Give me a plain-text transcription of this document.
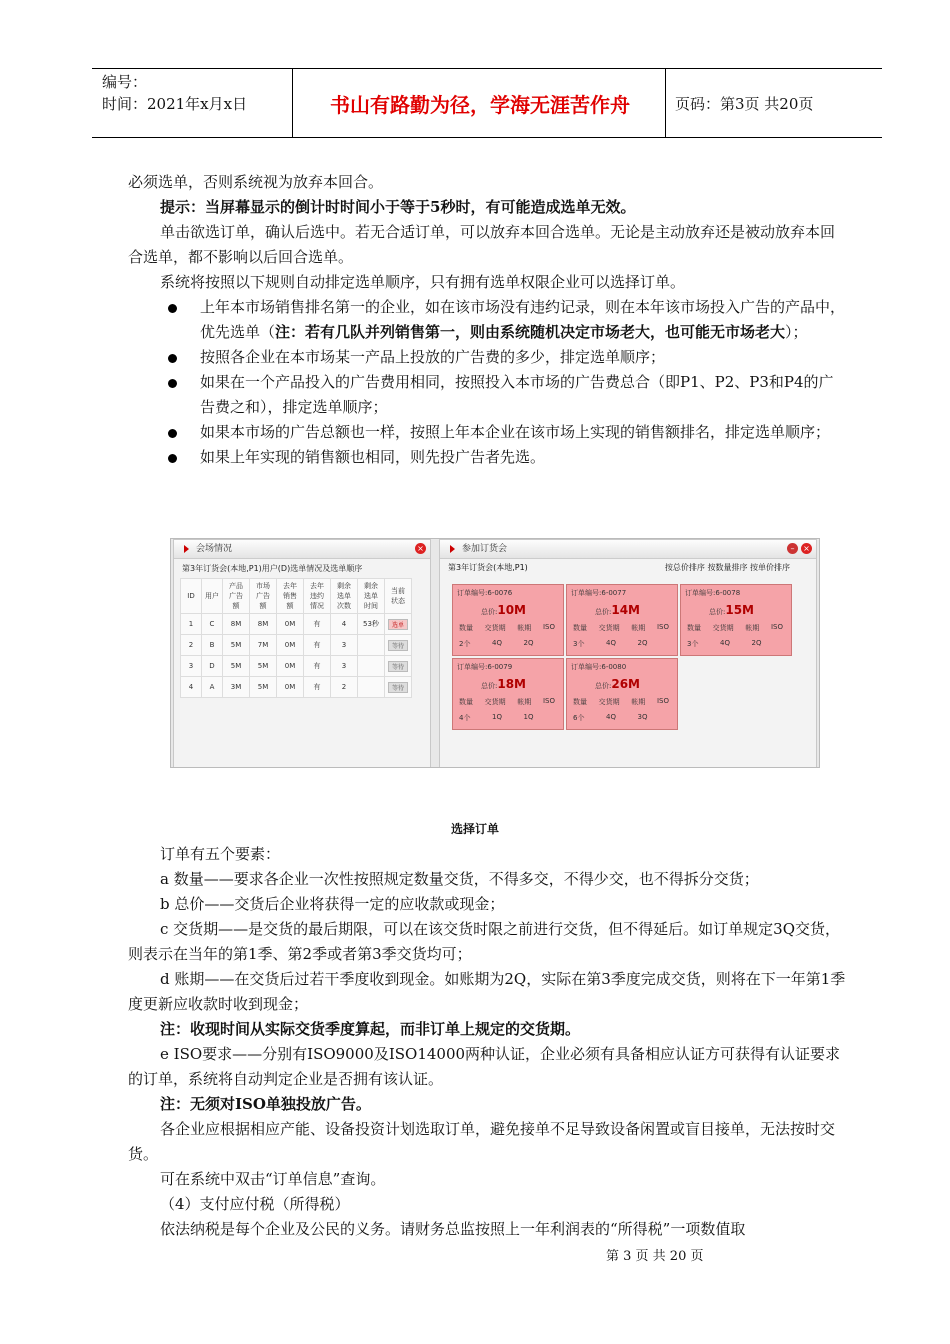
编号：
时间：2021年x月x日	书山有路勤为径，学海无涯苦作舟	页码：第3页 共20页

必须选单，否则系统视为放弃本回合。

提示：当屏幕显示的倒计时时间小于等于5秒时，有可能造成选单无效。

单击欲选订单，确认后选中。若无合适订单，可以放弃本回合选单。无论是主动放弃还是被动放弃本回合选单，都不影响以后回合选单。

系统将按照以下规则自动排定选单顺序，只有拥有选单权限企业可以选择订单。

上年本市场销售排名第一的企业，如在该市场没有违约记录，则在本年该市场投入广告的产品中，优先选单（注：若有几队并列销售第一，则由系统随机决定市场老大，也可能无市场老大）；
按照各企业在本市场某一产品上投放的广告费的多少，排定选单顺序；
如果在一个产品投入的广告费用相同，按照投入本市场的广告费总合（即P1、P2、P3和P4的广告费之和），排定选单顺序；
如果本市场的广告总额也一样，按照上年本企业在该市场上实现的销售额排名，排定选单顺序；
如果上年实现的销售额也相同，则先投广告者先选。
会场情况	×
第3年订货会(本地,P1)用户(D)选单情况及选单顺序
ID	用户	产品广告额	市场广告额	去年销售额	去年违约情况	剩余选单次数	剩余选单时间	当前状态
1	C	8M	8M	0M	有	4	53秒	选单
2	B	5M	7M	0M	有	3		等待
3	D	5M	5M	0M	有	3		等待
4	A	3M	5M	0M	有	2		等待
参加订货会	–	×
第3年订货会(本地,P1)	按总价排序 按数量排序 按单价排序
订单编号:6-0076
总价:10M
数量 交货期 帐期 ISO
2个	4Q	2Q
订单编号:6-0077
总价:14M
数量 交货期 帐期 ISO
3个	4Q	2Q
订单编号:6-0078
总价:15M
数量 交货期 帐期 ISO
3个	4Q	2Q
订单编号:6-0079
总价:18M
数量 交货期 帐期 ISO
4个	1Q	1Q
订单编号:6-0080
总价:26M
数量 交货期 帐期 ISO
6个	4Q	3Q
选择订单

订单有五个要素：

a 数量——要求各企业一次性按照规定数量交货，不得多交，不得少交，也不得拆分交货；

b 总价——交货后企业将获得一定的应收款或现金；

c 交货期——是交货的最后期限，可以在该交货时限之前进行交货，但不得延后。如订单规定3Q交货，则表示在当年的第1季、第2季或者第3季交货均可；

d 账期——在交货后过若干季度收到现金。如账期为2Q，实际在第3季度完成交货，则将在下一年第1季度更新应收款时收到现金；

注：收现时间从实际交货季度算起，而非订单上规定的交货期。

e ISO要求——分别有ISO9000及ISO14000两种认证，企业必须有具备相应认证方可获得有认证要求的订单，系统将自动判定企业是否拥有该认证。

注：无须对ISO单独投放广告。

各企业应根据相应产能、设备投资计划选取订单，避免接单不足导致设备闲置或盲目接单，无法按时交货。

可在系统中双击“订单信息”查询。

（4）支付应付税（所得税）

依法纳税是每个企业及公民的义务。请财务总监按照上一年利润表的“所得税”一项数值取

第 3 页 共 20 页
